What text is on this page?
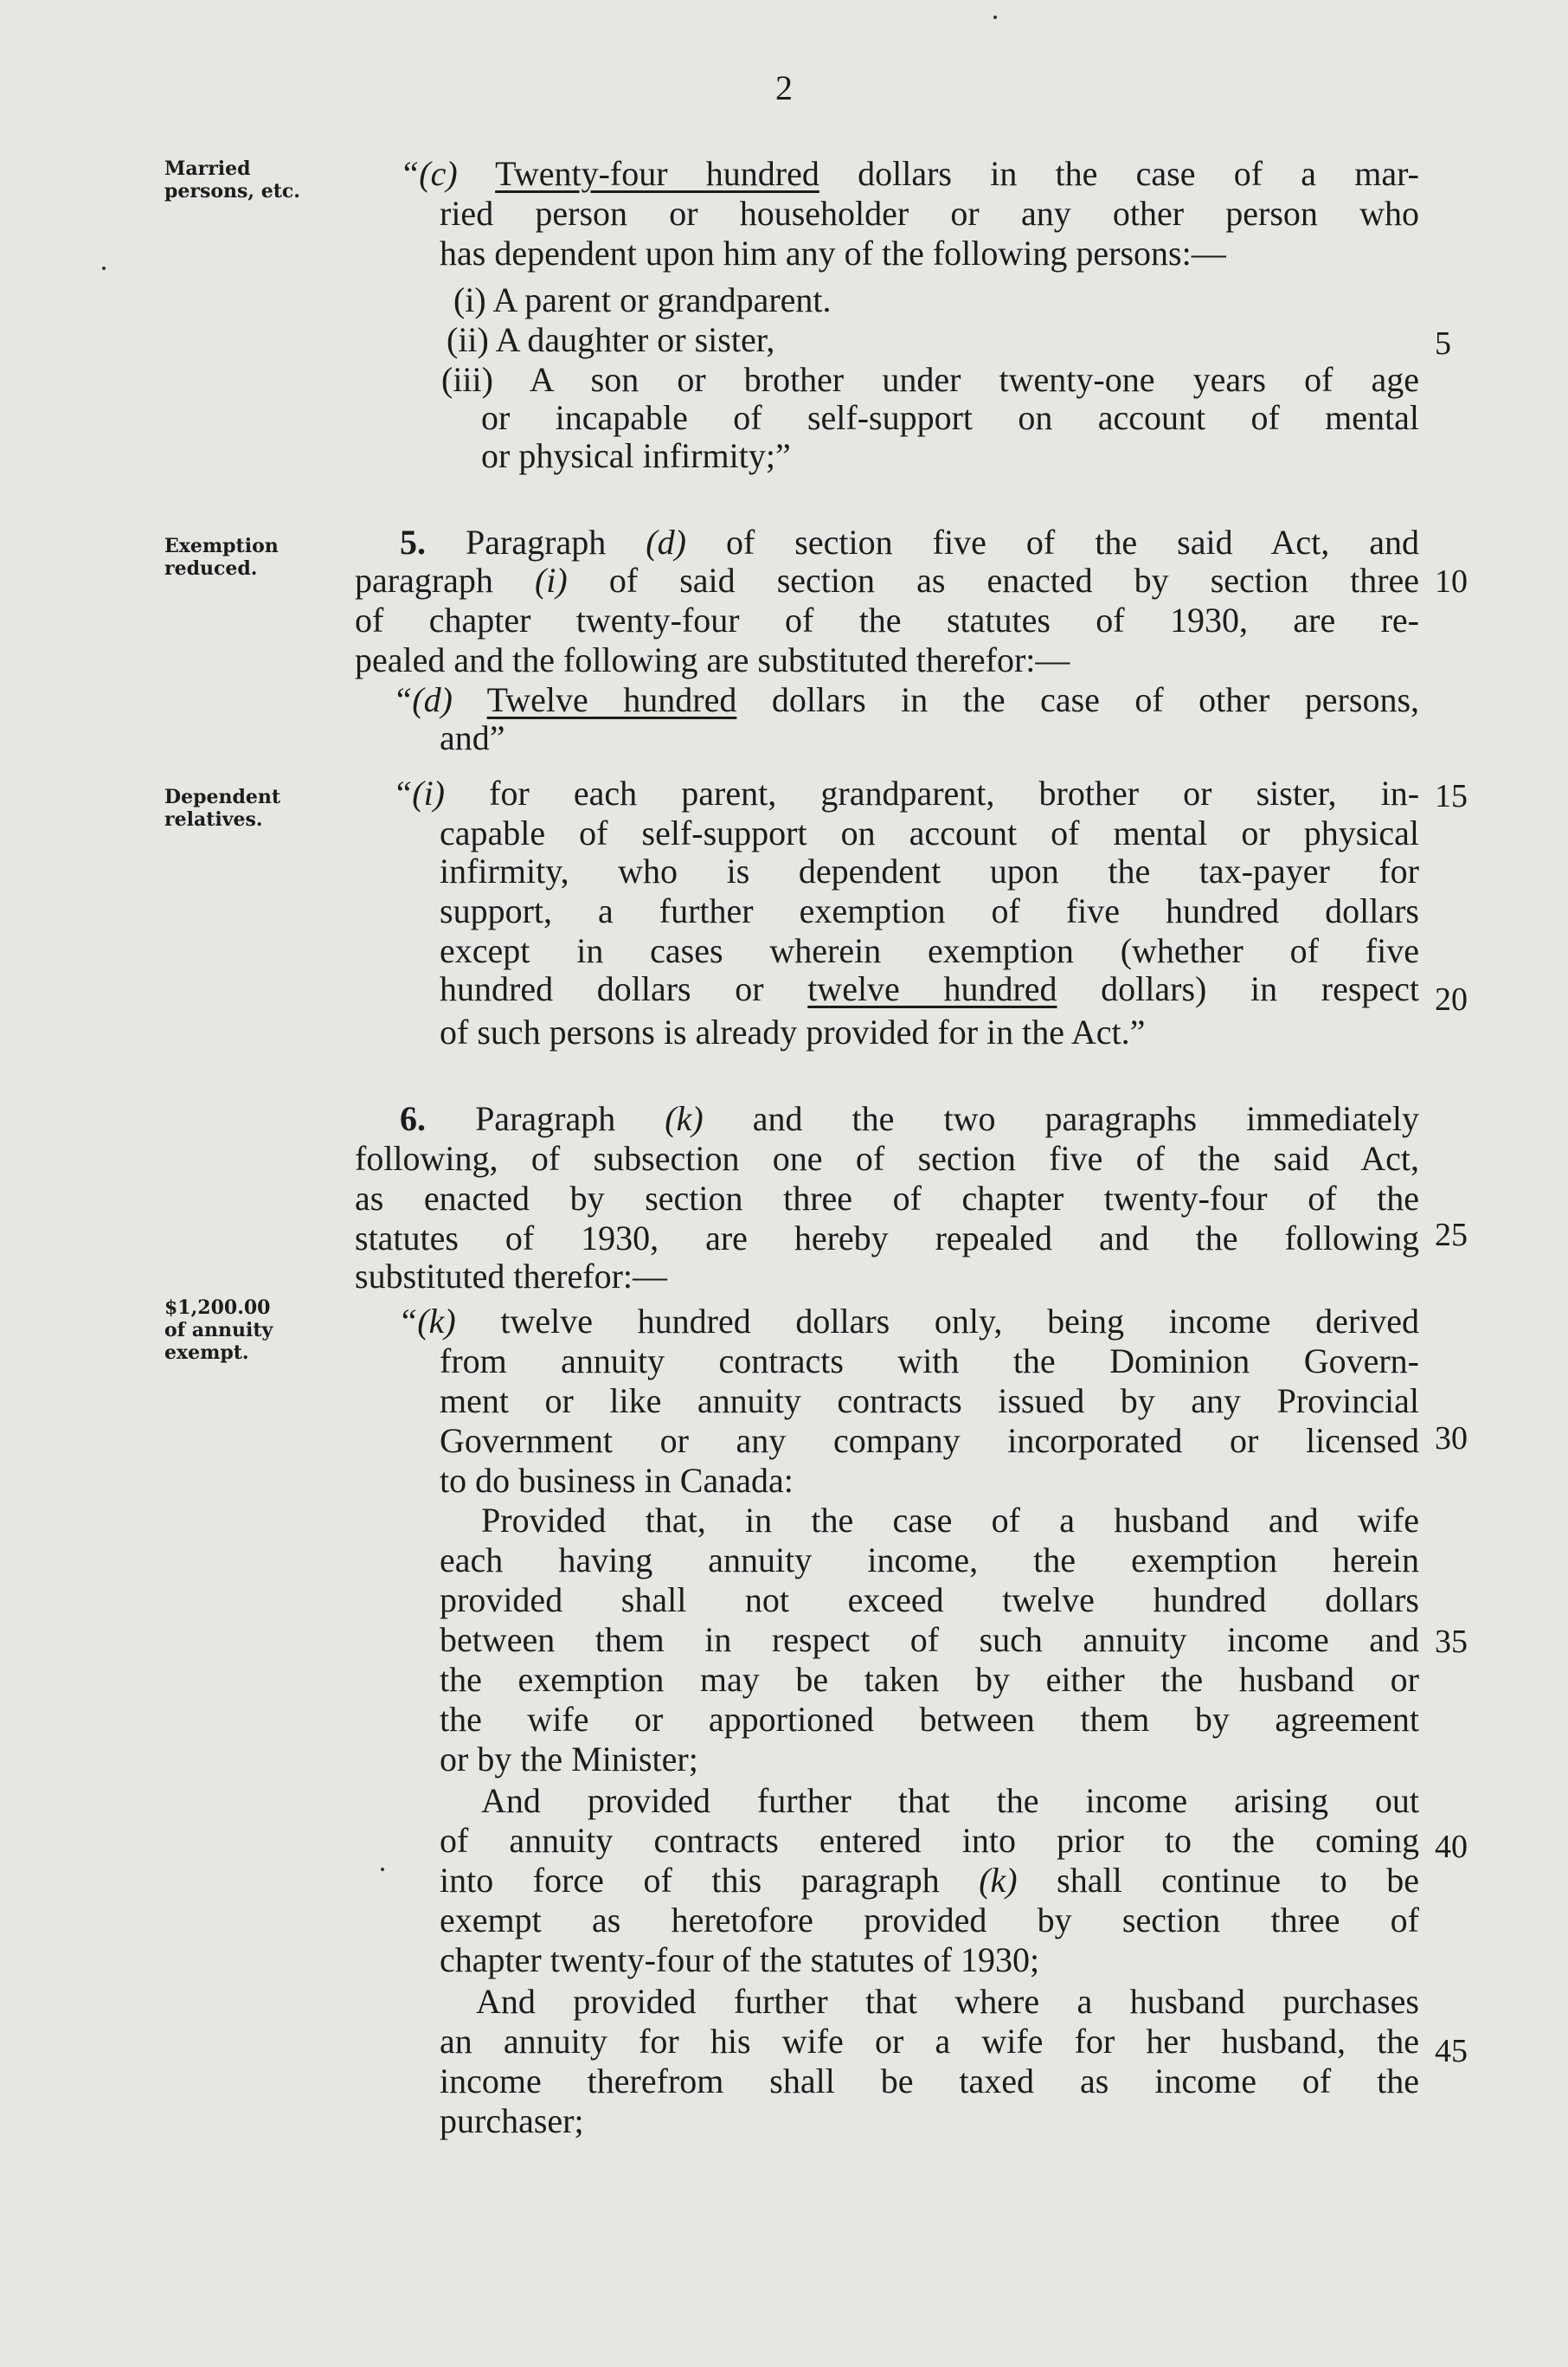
2
Married persons, etc.
Exemption reduced.
Dependent relatives.
$1,200.00 of annuity exempt.
5
10
15
20
25
30
35
40
45
“(c) Twenty-four hundred dollars in the case of a mar-
ried person or householder or any other person who
has dependent upon him any of the following persons:—
(i) A parent or grandparent.
(ii) A daughter or sister,
(iii) A son or brother under twenty-one years of age
or incapable of self-support on account of mental
or physical infirmity;”
5. Paragraph (d) of section five of the said Act, and
paragraph (i) of said section as enacted by section three
of chapter twenty-four of the statutes of 1930, are re-
pealed and the following are substituted therefor:—
“(d) Twelve hundred dollars in the case of other persons,
and”
“(i) for each parent, grandparent, brother or sister, in-
capable of self-support on account of mental or physical
infirmity, who is dependent upon the tax-payer for
support, a further exemption of five hundred dollars
except in cases wherein exemption (whether of five
hundred dollars or twelve hundred dollars) in respect
of such persons is already provided for in the Act.”
6. Paragraph (k) and the two paragraphs immediately
following, of subsection one of section five of the said Act,
as enacted by section three of chapter twenty-four of the
statutes of 1930, are hereby repealed and the following
substituted therefor:—
“(k) twelve hundred dollars only, being income derived
from annuity contracts with the Dominion Govern-
ment or like annuity contracts issued by any Provincial
Government or any company incorporated or licensed
to do business in Canada:
Provided that, in the case of a husband and wife
each having annuity income, the exemption herein
provided shall not exceed twelve hundred dollars
between them in respect of such annuity income and
the exemption may be taken by either the husband or
the wife or apportioned between them by agreement
or by the Minister;
And provided further that the income arising out
of annuity contracts entered into prior to the coming
into force of this paragraph (k) shall continue to be
exempt as heretofore provided by section three of
chapter twenty-four of the statutes of 1930;
And provided further that where a husband purchases
an annuity for his wife or a wife for her husband, the
income therefrom shall be taxed as income of the
purchaser;
